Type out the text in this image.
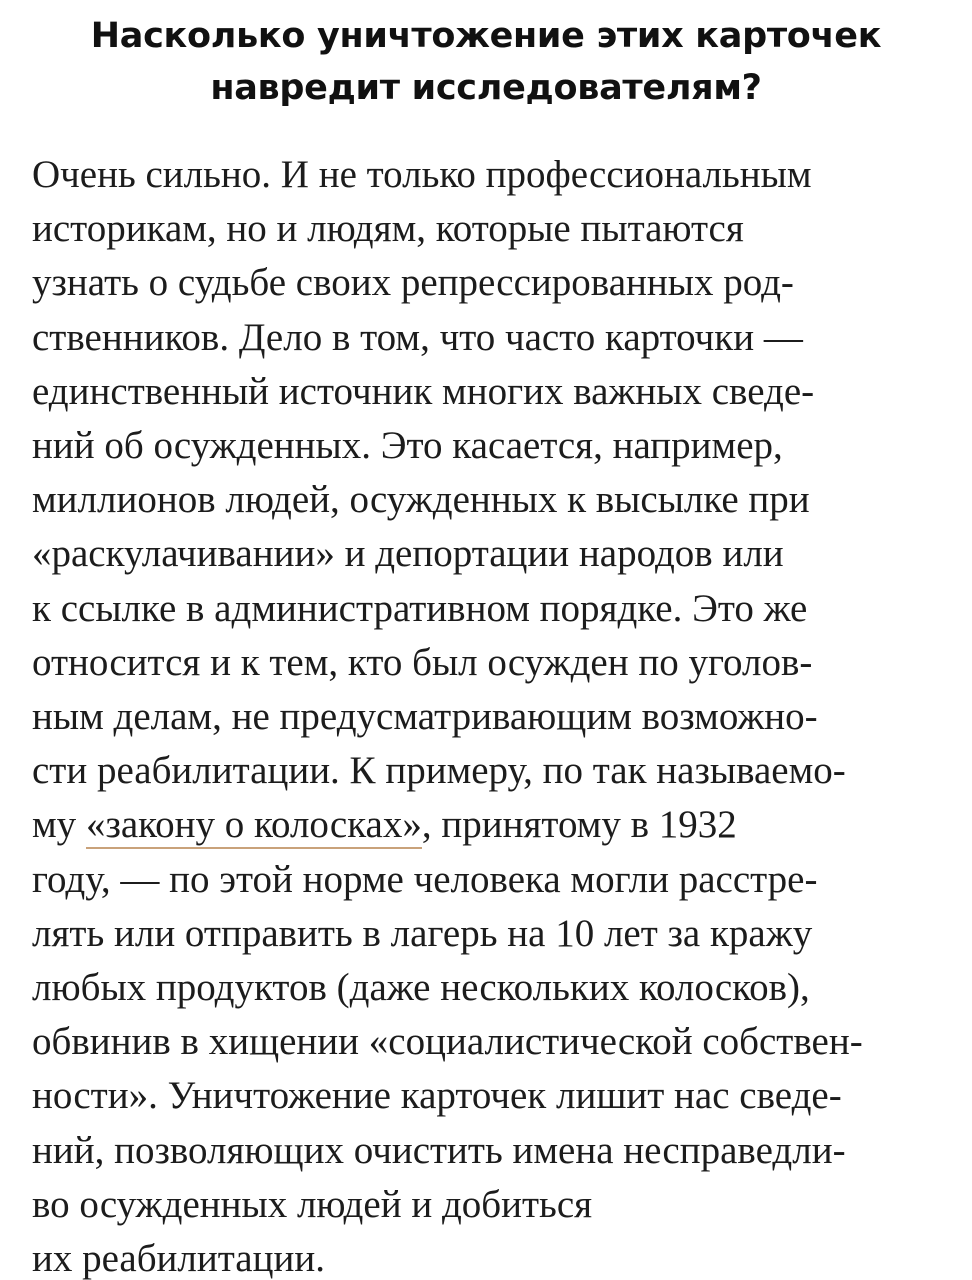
Насколько уничтожение этих карточек
навредит исследователям?
Очень сильно. И не только профессиональным
историкам, но и людям, которые пытаются
узнать о судьбе своих репрессированных род-
ственников. Дело в том, что часто карточки —
единственный источник многих важных сведе-
ний об осужденных. Это касается, например,
миллионов людей, осужденных к высылке при
«раскулачивании» и депортации народов или
к ссылке в административном порядке. Это же
относится и к тем, кто был осужден по уголов-
ным делам, не предусматривающим возможно-
сти реабилитации. К примеру, по так называемо-
му «закону о колосках», принятому в 1932
году, — по этой норме человека могли расстре-
лять или отправить в лагерь на 10 лет за кражу
любых продуктов (даже нескольких колосков),
обвинив в хищении «социалистической собствен-
ности». Уничтожение карточек лишит нас сведе-
ний, позволяющих очистить имена несправедли-
во осужденных людей и добиться
их реабилитации.
